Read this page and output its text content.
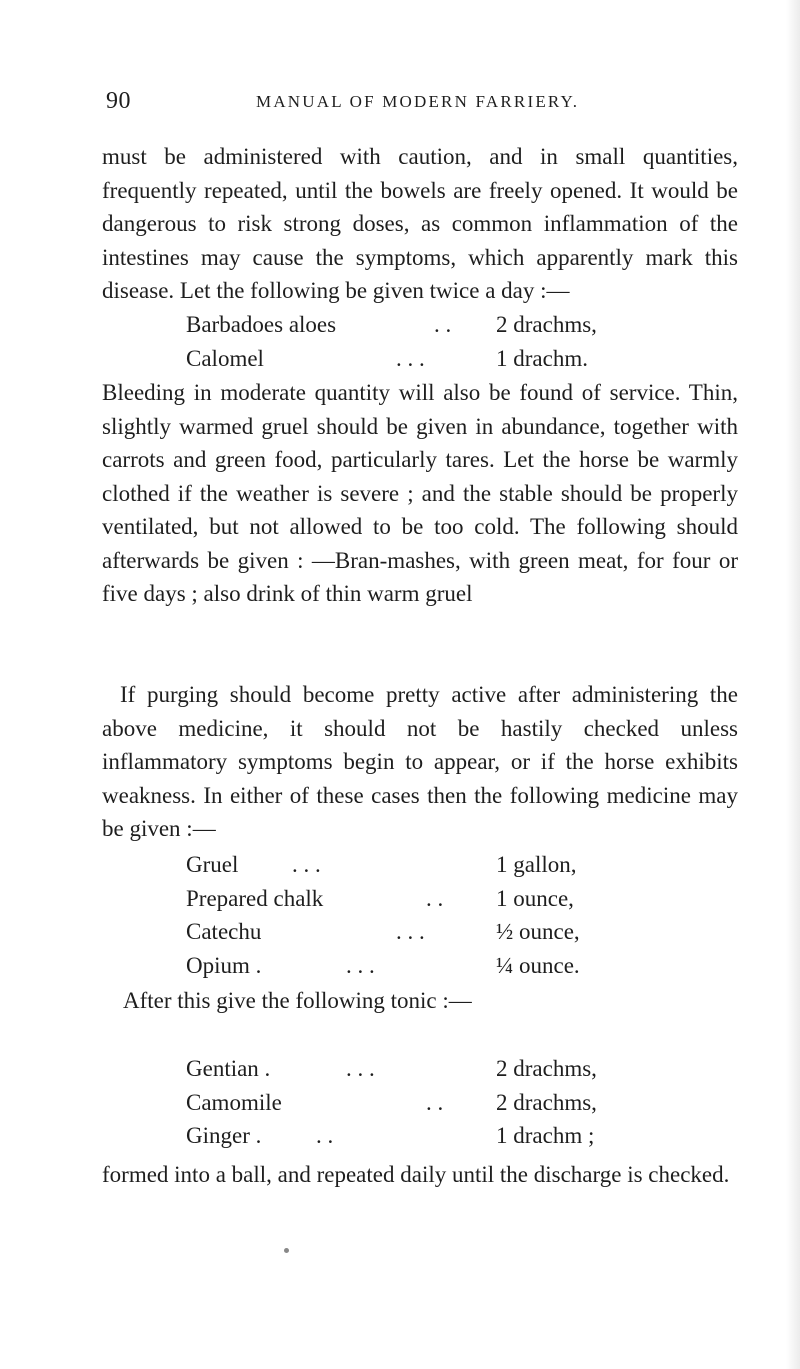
90	MANUAL OF MODERN FARRIERY.

must be administered with caution, and in small quantities, frequently repeated, until the bowels are freely opened. It would be dangerous to risk strong doses, as common inflammation of the intestines may cause the symptoms, which apparently mark this disease. Let the following be given twice a day :—

Barbadoes aloes	. . 2 drachms,
Calomel	. . .	1 drachm.

Bleeding in moderate quantity will also be found of service. Thin, slightly warmed gruel should be given in abundance, together with carrots and green food, particularly tares. Let the horse be warmly clothed if the weather is severe ; and the stable should be properly ventilated, but not allowed to be too cold. The following should afterwards be given : —Bran-mashes, with green meat, for four or five days ; also drink of thin warm gruel

If purging should become pretty active after administering the above medicine, it should not be hastily checked unless inflammatory symptoms begin to appear, or if the horse exhibits weakness. In either of these cases then the following medicine may be given :—

Gruel . . .	1 gallon,
Prepared chalk	. . 1 ounce,
Catechu	. . .	½ ounce,
Opium .	. . .	¼ ounce.
After this give the following tonic :—
Gentian .	. . .	2 drachms,
Camomile	. . 2 drachms,
Ginger . . .	1 drachm ;

formed into a ball, and repeated daily until the discharge is checked.
